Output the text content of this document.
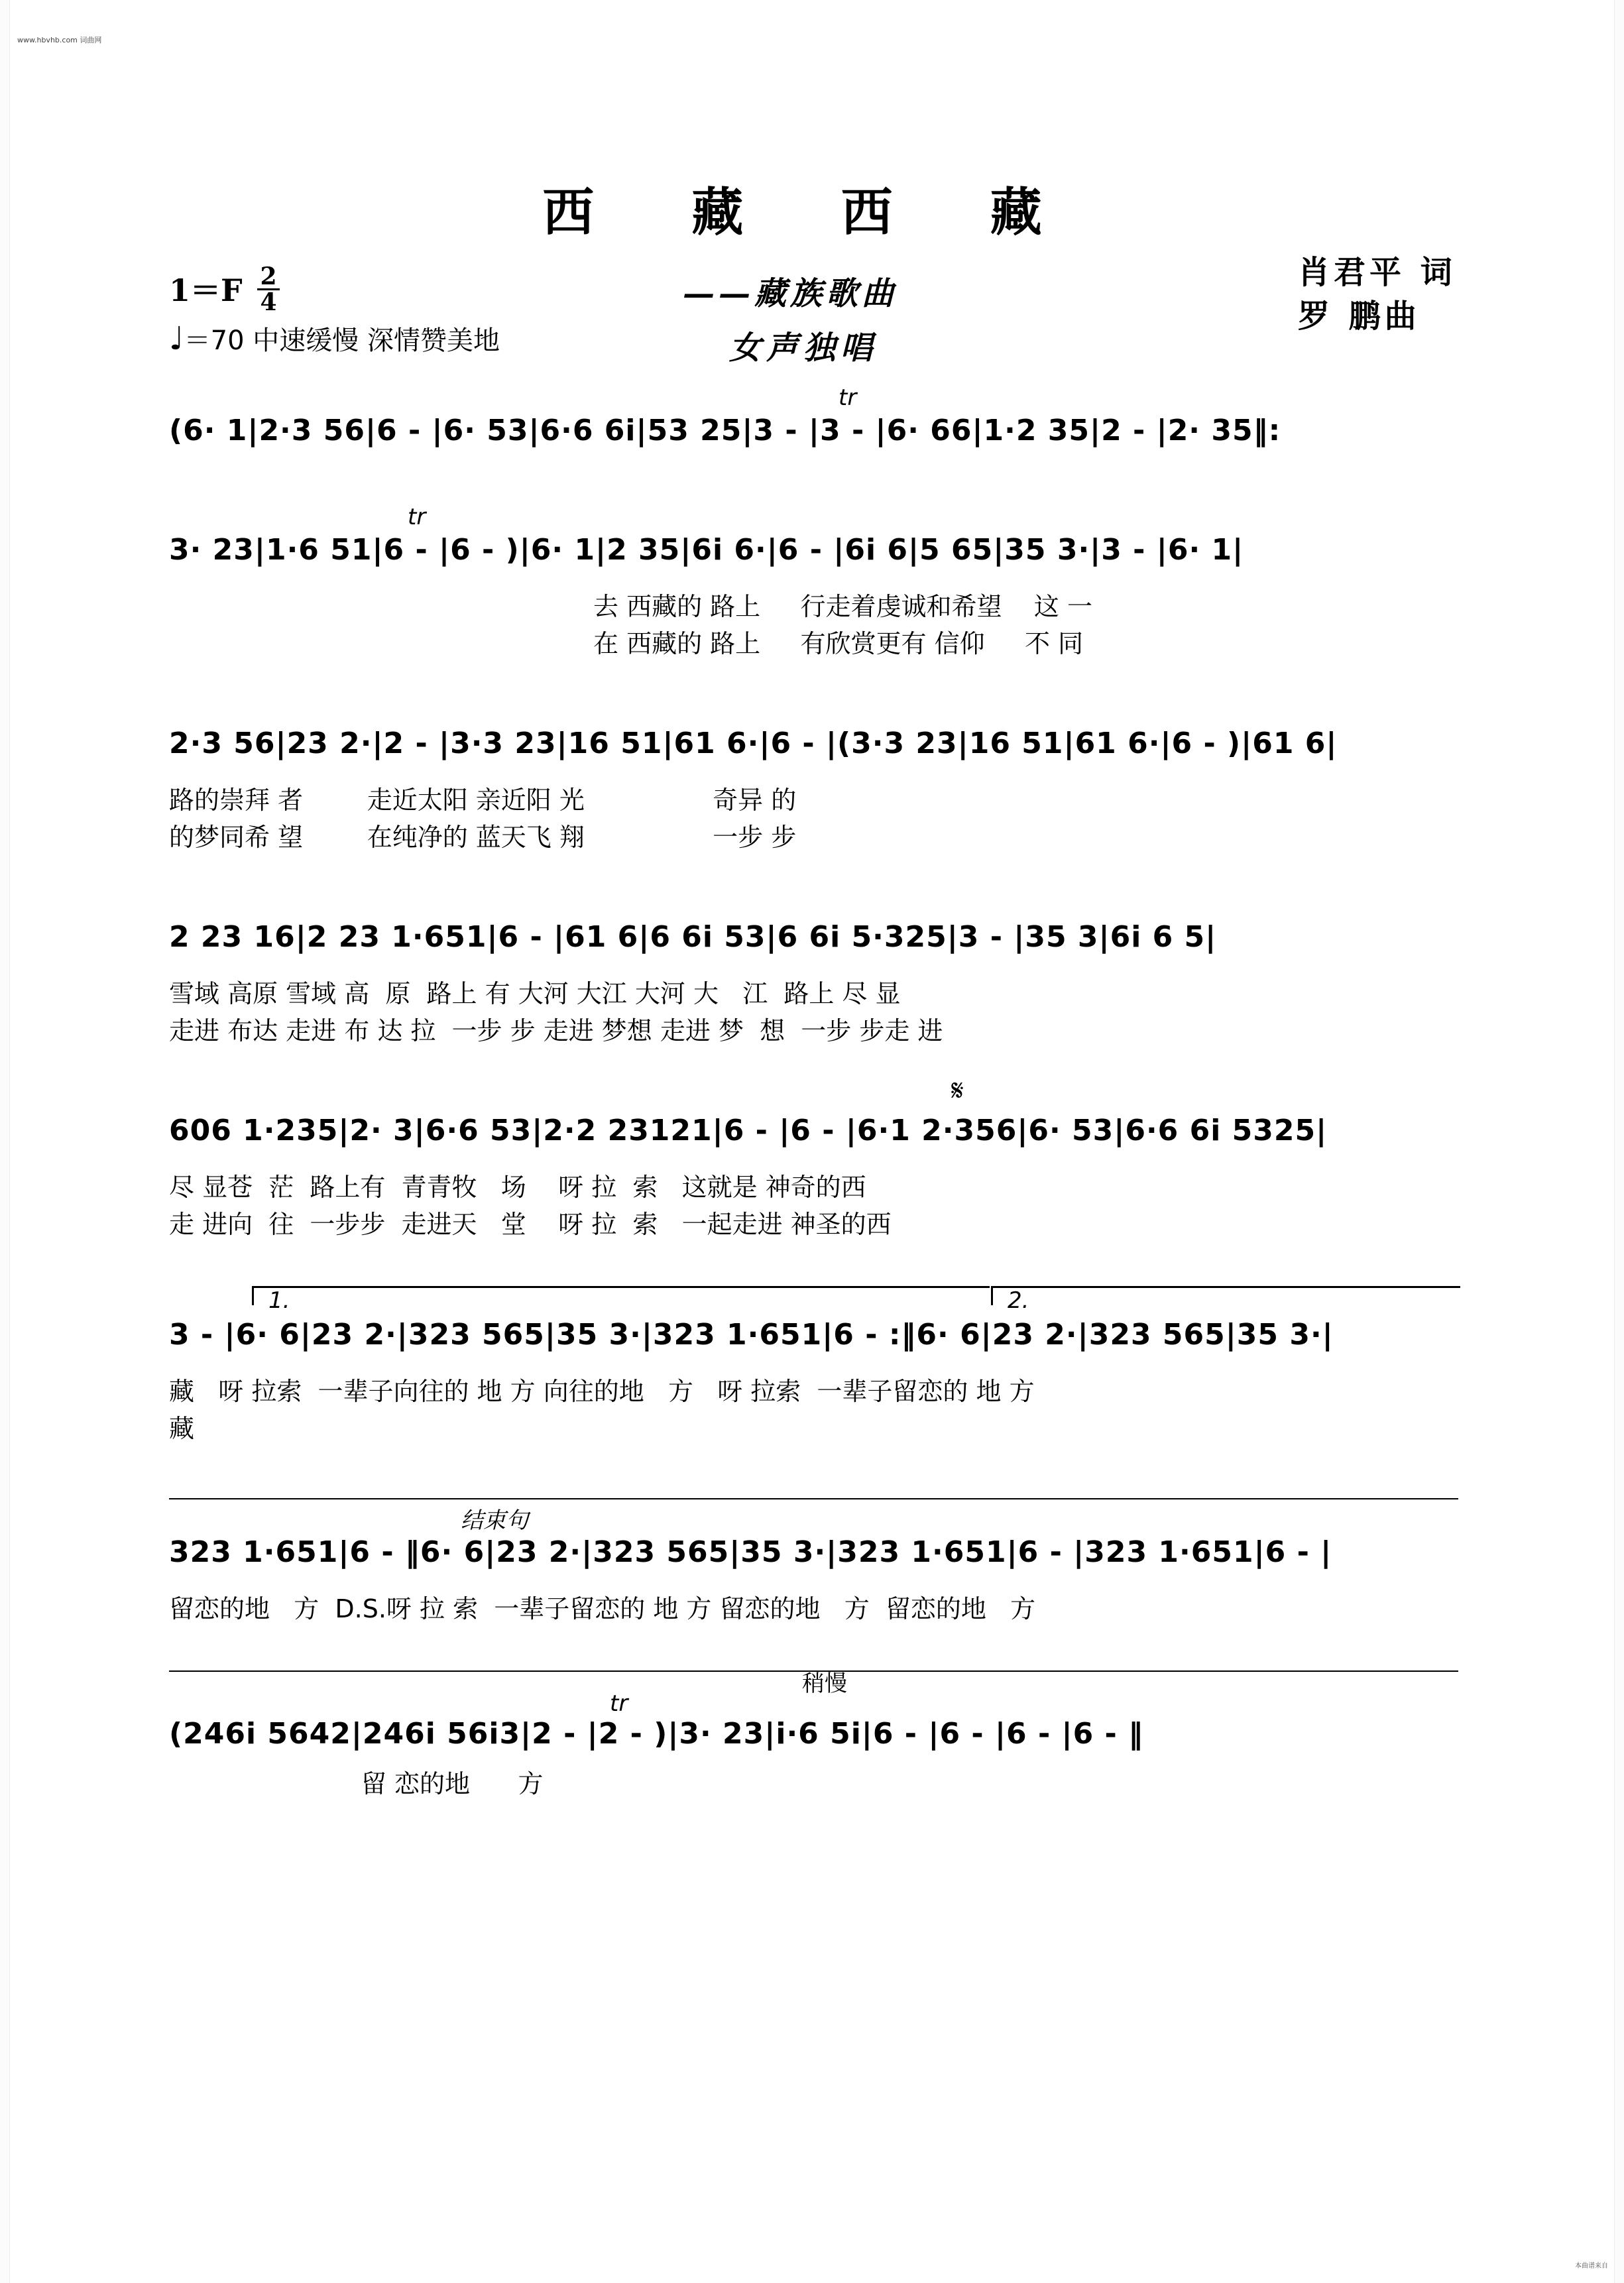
www.hbvhb.com 词曲网
本曲谱来自
西 藏 西 藏
1＝F 2
4
♩＝70 中速缓慢 深情赞美地
——藏族歌曲
女声独唱
肖君平 词
罗 鹏曲
tr
(6· 1|2·3 56|6 - |6· 53|6·6 6i|53 25|3 - |3 - |6· 66|1·2 35|2 - |2· 35‖:
tr
3· 23|1·6 51|6 - |6 - )|6· 1|2 35|6i 6·|6 - |6i 6|5 65|35 3·|3 - |6· 1|
去 西藏的 路上     行走着虔诚和希望    这 一
在 西藏的 路上     有欣赏更有 信仰     不 同
2·3 56|23 2·|2 - |3·3 23|16 51|61 6·|6 - |(3·3 23|16 51|61 6·|6 - )|61 6|
路的崇拜 者        走近太阳 亲近阳 光                奇异 的
的梦同希 望        在纯净的 蓝天飞 翔                一步 步
2 23 16|2 23 1·651|6 - |61 6|6 6i 53|6 6i 5·325|3 - |35 3|6i 6 5|
雪域 高原 雪域 高  原  路上 有 大河 大江 大河 大   江  路上 尽 显
走进 布达 走进 布 达 拉  一步 步 走进 梦想 走进 梦  想  一步 步走 进
𝄋
606 1·235|2· 3|6·6 53|2·2 23121|6 - |6 - |6·1 2·356|6· 53|6·6 6i 5325|
尽 显苍  茫  路上有  青青牧   场    呀 拉  索   这就是 神奇的西
走 进向  往  一步步  走进天   堂    呀 拉  索   一起走进 神圣的西
1.	2.
3 - |6· 6|23 2·|323 565|35 3·|323 1·651|6 - :‖6· 6|23 2·|323 565|35 3·|
藏   呀 拉索  一辈子向往的 地 方 向往的地   方   呀 拉索  一辈子留恋的 地 方
藏
结束句
323 1·651|6 - ‖6· 6|23 2·|323 565|35 3·|323 1·651|6 - |323 1·651|6 - |
留恋的地   方  D.S.呀 拉 索  一辈子留恋的 地 方 留恋的地   方  留恋的地   方
稍慢
tr
(246i 5642|246i 56i3|2 - |2 - )|3· 23|i·6 5i|6 - |6 - |6 - |6 - ‖
留 恋的地      方
